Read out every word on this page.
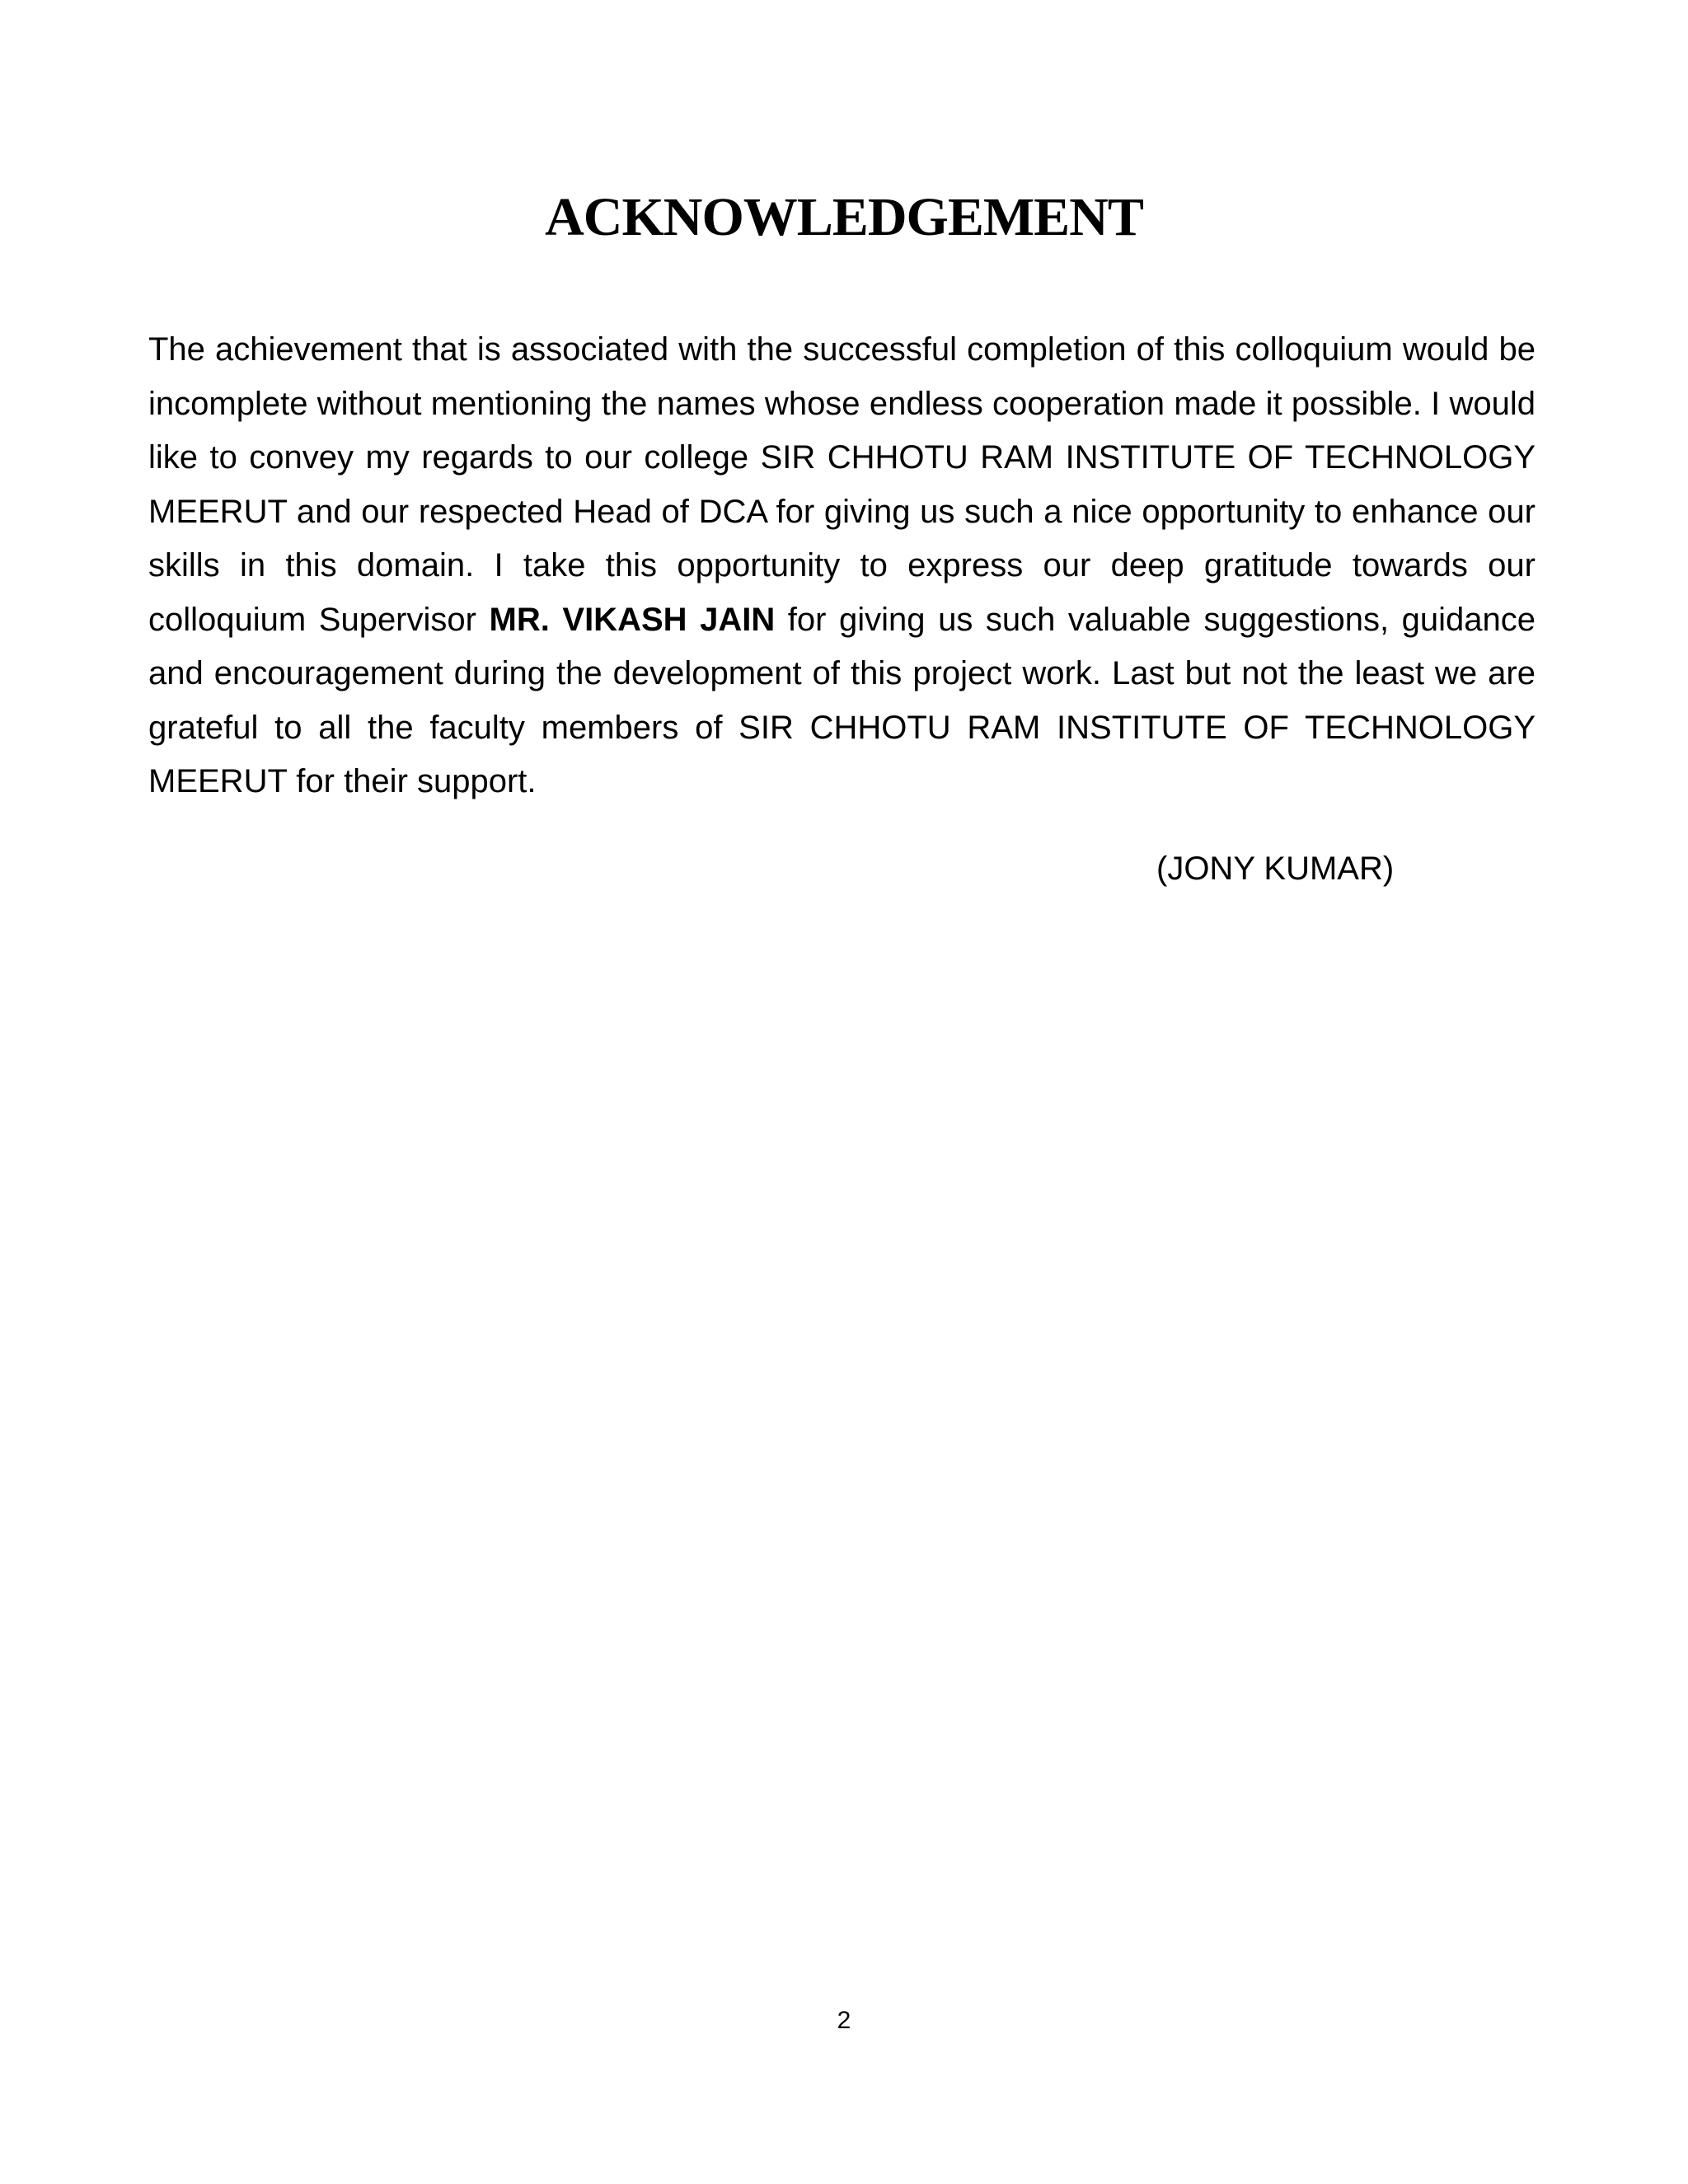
ACKNOWLEDGEMENT

The achievement that is associated with the successful completion of this colloquium would be incomplete without mentioning the names whose endless cooperation made it possible. I would like to convey my regards to our college SIR CHHOTU RAM INSTITUTE OF TECHNOLOGY MEERUT and our respected Head of DCA for giving us such a nice opportunity to enhance our skills in this domain. I take this opportunity to express our deep gratitude towards our colloquium Supervisor MR. VIKASH JAIN for giving us such valuable suggestions, guidance and encouragement during the development of this project work. Last but not the least we are grateful to all the faculty members of SIR CHHOTU RAM INSTITUTE OF TECHNOLOGY MEERUT for their support.

(JONY KUMAR)
2
